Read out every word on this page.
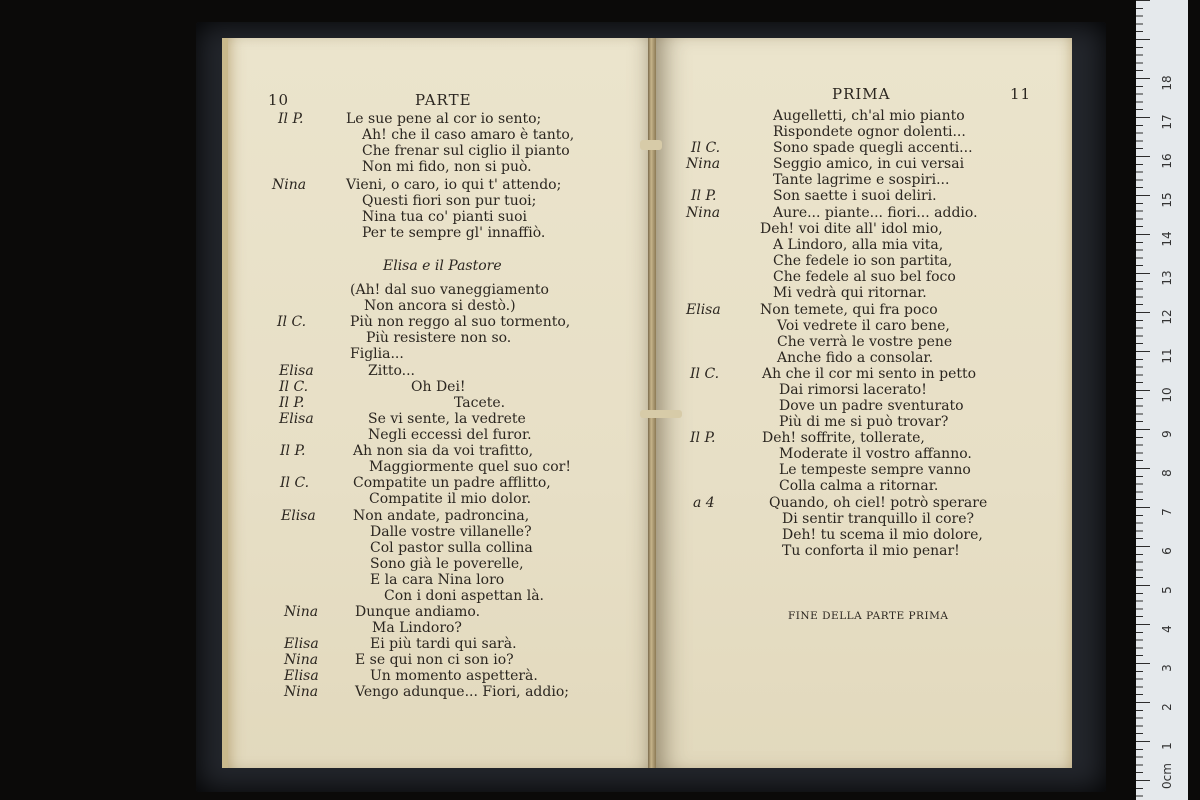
10	PARTE
Il P.	Le sue pene al cor io sento;
Ah! che il caso amaro è tanto,
Che frenar sul ciglio il pianto
Non mi fido, non si può.
Nina	Vieni, o caro, io qui t' attendo;
Questi fiori son pur tuoi;
Nina tua co' pianti suoi
Per te sempre gl' innaffiò.
Elisa e il Pastore
(Ah! dal suo vaneggiamento
Non ancora si destò.)
Il C.	Più non reggo al suo tormento,
Più resistere non so.
Figlia...
Elisa	Zitto...
Il C.	Oh Dei!
Il P.	Tacete.
Elisa	Se vi sente, la vedrete
Negli eccessi del furor.
Il P.	Ah non sia da voi trafitto,
Maggiormente quel suo cor!
Il C.	Compatite un padre afflitto,
Compatite il mio dolor.
Elisa	Non andate, padroncina,
Dalle vostre villanelle?
Col pastor sulla collina
Sono già le poverelle,
E la cara Nina loro
Con i doni aspettan là.
Nina	Dunque andiamo.
Ma Lindoro?
Elisa	Ei più tardi qui sarà.
Nina	E se qui non ci son io?
Elisa	Un momento aspetterà.
Nina	Vengo adunque... Fiori, addio;
PRIMA	11
Augelletti, ch'al mio pianto
Rispondete ognor dolenti...
Il C.	Sono spade quegli accenti...
Nina	Seggio amico, in cui versai
Tante lagrime e sospiri...
Il P.	Son saette i suoi deliri.
Nina	Aure... piante... fiori... addio.
Deh! voi dite all' idol mio,
A Lindoro, alla mia vita,
Che fedele io son partita,
Che fedele al suo bel foco
Mi vedrà qui ritornar.
Elisa	Non temete, qui fra poco
Voi vedrete il caro bene,
Che verrà le vostre pene
Anche fido a consolar.
Il C.	Ah che il cor mi sento in petto
Dai rimorsi lacerato!
Dove un padre sventurato
Più di me si può trovar?
Il P.	Deh! soffrite, tollerate,
Moderate il vostro affanno.
Le tempeste sempre vanno
Colla calma a ritornar.
a 4	Quando, oh ciel! potrò sperare
Di sentir tranquillo il core?
Deh! tu scema il mio dolore,
Tu conforta il mio penar!
FINE DELLA PARTE PRIMA
0cm
1
2
3
4
5
6
7
8
9
10
11
12
13
14
15
16
17
18
